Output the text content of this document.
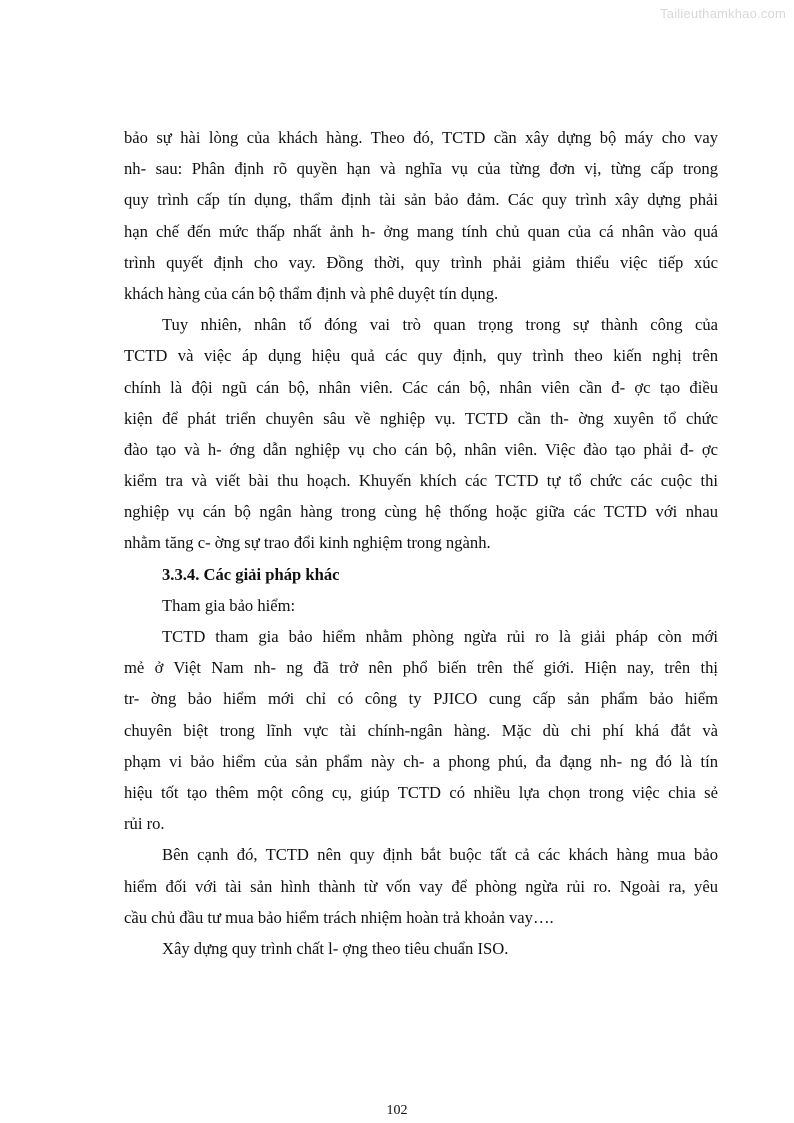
Tailieuthamkhao.com
bảo sự hài lòng của khách hàng. Theo đó, TCTD cần xây dựng bộ máy cho vay
nh- sau: Phân định rõ quyền hạn và nghĩa vụ của từng đơn vị, từng cấp trong
quy trình cấp tín dụng, thẩm định tài sản bảo đảm. Các quy trình xây dựng phải
hạn chế đến mức thấp nhất ảnh h- ởng mang tính chủ quan của cá nhân vào quá
trình quyết định cho vay. Đồng thời, quy trình phải giảm thiểu việc tiếp xúc
khách hàng của cán bộ thẩm định và phê duyệt tín dụng.
Tuy nhiên, nhân tố đóng vai trò quan trọng trong sự thành công của
TCTD và việc áp dụng hiệu quả các quy định, quy trình theo kiến nghị trên
chính là đội ngũ cán bộ, nhân viên. Các cán bộ, nhân viên cần đ- ợc tạo điều
kiện để phát triển chuyên sâu về nghiệp vụ. TCTD cần th- ờng xuyên tổ chức
đào tạo và h- ớng dẫn nghiệp vụ cho cán bộ, nhân viên. Việc đào tạo phải đ- ợc
kiểm tra và viết bài thu hoạch. Khuyến khích các TCTD tự tổ chức các cuộc thi
nghiệp vụ cán bộ ngân hàng trong cùng hệ thống hoặc giữa các TCTD với nhau
nhằm tăng c- ờng sự trao đổi kinh nghiệm trong ngành.
3.3.4. Các giải pháp khác
Tham gia bảo hiểm:
TCTD tham gia bảo hiểm nhằm phòng ngừa rủi ro là giải pháp còn mới
mẻ ở Việt Nam nh- ng đã trở nên phổ biến trên thế giới. Hiện nay, trên thị
tr- ờng bảo hiểm mới chỉ có công ty PJICO cung cấp sản phẩm bảo hiểm
chuyên biệt trong lĩnh vực tài chính-ngân hàng. Mặc dù chi phí khá đắt và
phạm vi bảo hiểm của sản phẩm này ch- a phong phú, đa đạng nh- ng đó là tín
hiệu tốt tạo thêm một công cụ, giúp TCTD có nhiều lựa chọn trong việc chia sẻ
rủi ro.
Bên cạnh đó, TCTD nên quy định bắt buộc tất cả các khách hàng mua bảo
hiểm đối với tài sản hình thành từ vốn vay để phòng ngừa rủi ro. Ngoài ra, yêu
cầu chủ đầu tư mua bảo hiểm trách nhiệm hoàn trả khoản vay….
Xây dựng quy trình chất l- ợng theo tiêu chuẩn ISO.
102
